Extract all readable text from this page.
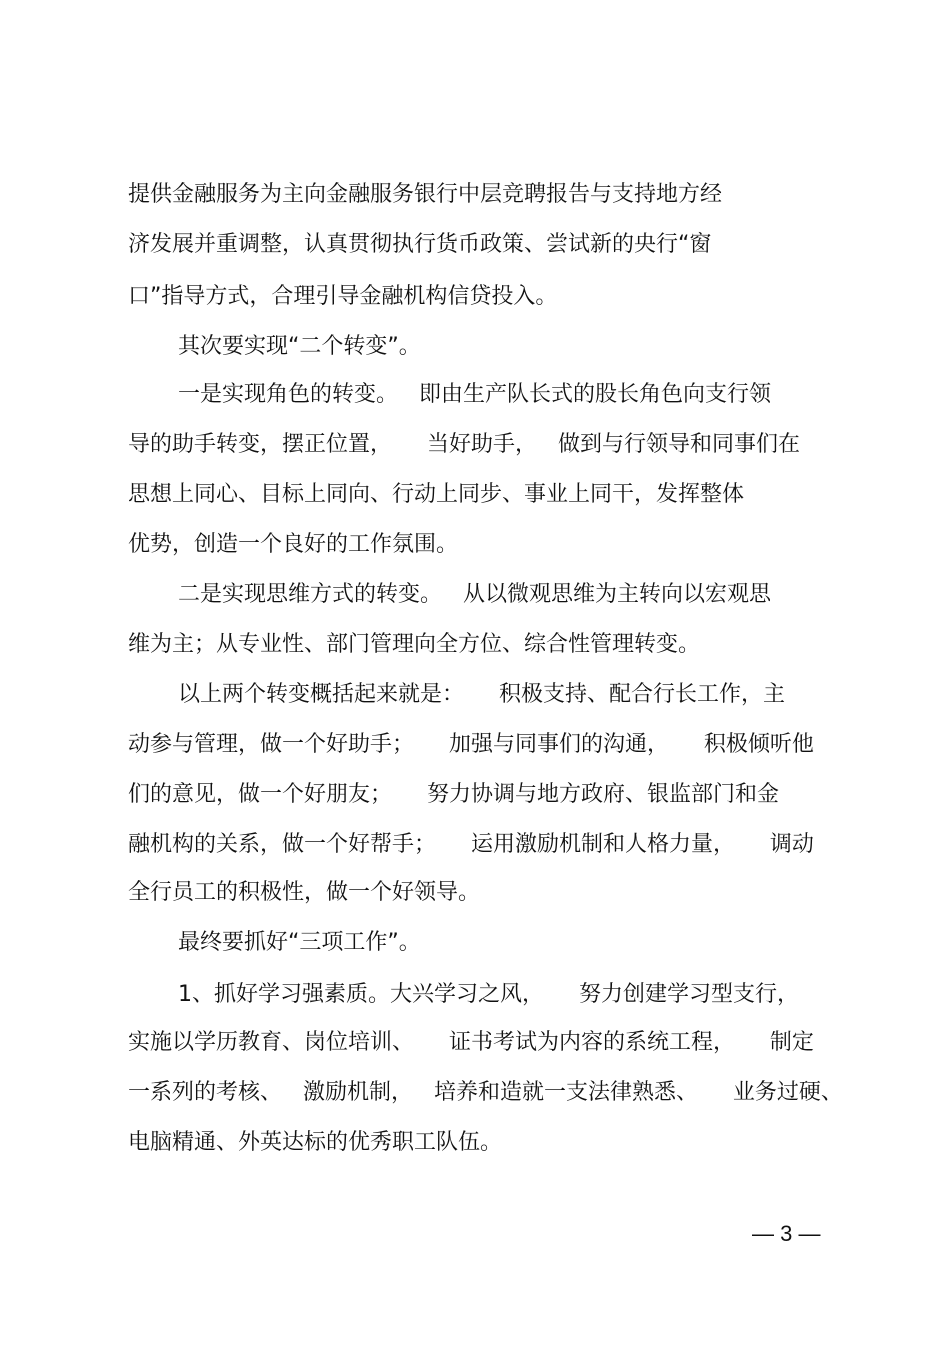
提供金融服务为主向金融服务银行中层竞聘报告与支持地方经
济发展并重调整，认真贯彻执行货币政策、尝试新的央行“窗
口”指导方式，合理引导金融机构信贷投入。
其次要实现“二个转变”。
一是实现角色的转变。   即由生产队长式的股长角色向支行领
导的助手转变，摆正位置，     当好助手，   做到与行领导和同事们在
思想上同心、目标上同向、行动上同步、事业上同干，发挥整体
优势，创造一个良好的工作氛围。
二是实现思维方式的转变。   从以微观思维为主转向以宏观思
维为主；从专业性、部门管理向全方位、综合性管理转变。
以上两个转变概括起来就是：     积极支持、配合行长工作，主
动参与管理，做一个好助手；     加强与同事们的沟通，     积极倾听他
们的意见，做一个好朋友；     努力协调与地方政府、银监部门和金
融机构的关系，做一个好帮手；     运用激励机制和人格力量，     调动
全行员工的积极性，做一个好领导。
最终要抓好“三项工作”。
1、抓好学习强素质。大兴学习之风，     努力创建学习型支行，
实施以学历教育、岗位培训、     证书考试为内容的系统工程，     制定
一系列的考核、   激励机制，   培养和造就一支法律熟悉、     业务过硬、
电脑精通、外英达标的优秀职工队伍。
— 3 —
